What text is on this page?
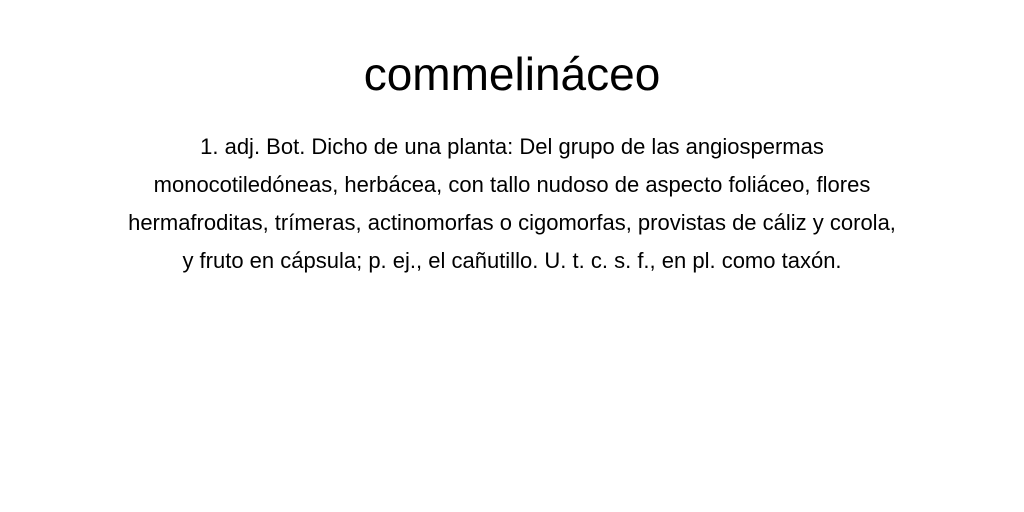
commelináceo

1. adj. Bot. Dicho de una planta: Del grupo de las angiospermas
monocotiledóneas, herbácea, con tallo nudoso de aspecto foliáceo, flores
hermafroditas, trímeras, actinomorfas o cigomorfas, provistas de cáliz y corola,
y fruto en cápsula; p. ej., el cañutillo. U. t. c. s. f., en pl. como taxón.
